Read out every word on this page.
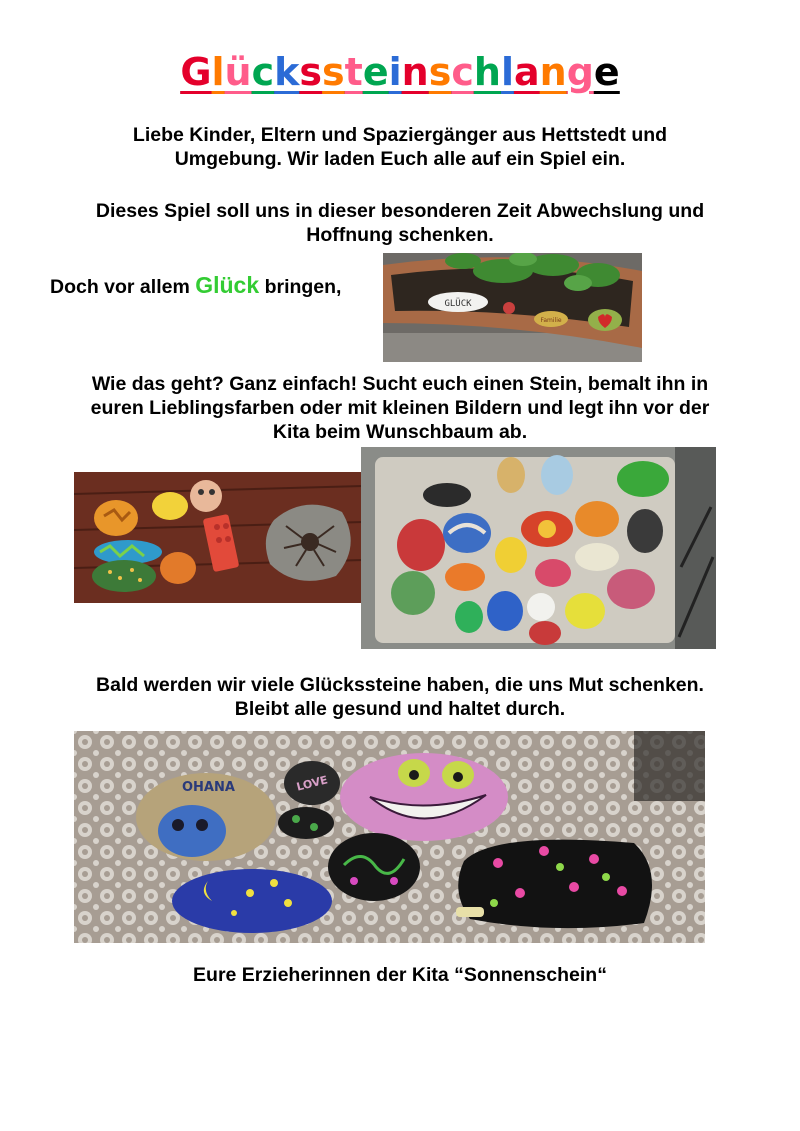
Glückssteinschlange
Liebe Kinder, Eltern und Spaziergänger aus Hettstedt und
Umgebung. Wir laden Euch alle auf ein Spiel ein.
Dieses Spiel soll uns in dieser besonderen Zeit Abwechslung und
Hoffnung schenken.
Doch vor allem Glück bringen,
GLÜCK
Familie
Wie das geht? Ganz einfach! Sucht euch einen Stein, bemalt ihn in
euren Lieblingsfarben oder mit kleinen Bildern und legt ihn vor der
Kita beim Wunschbaum ab.
Bald werden wir viele Glückssteine haben, die uns Mut schenken.
Bleibt alle gesund und haltet durch.
OHANA	LOVE
Eure Erzieherinnen der Kita “Sonnenschein“
